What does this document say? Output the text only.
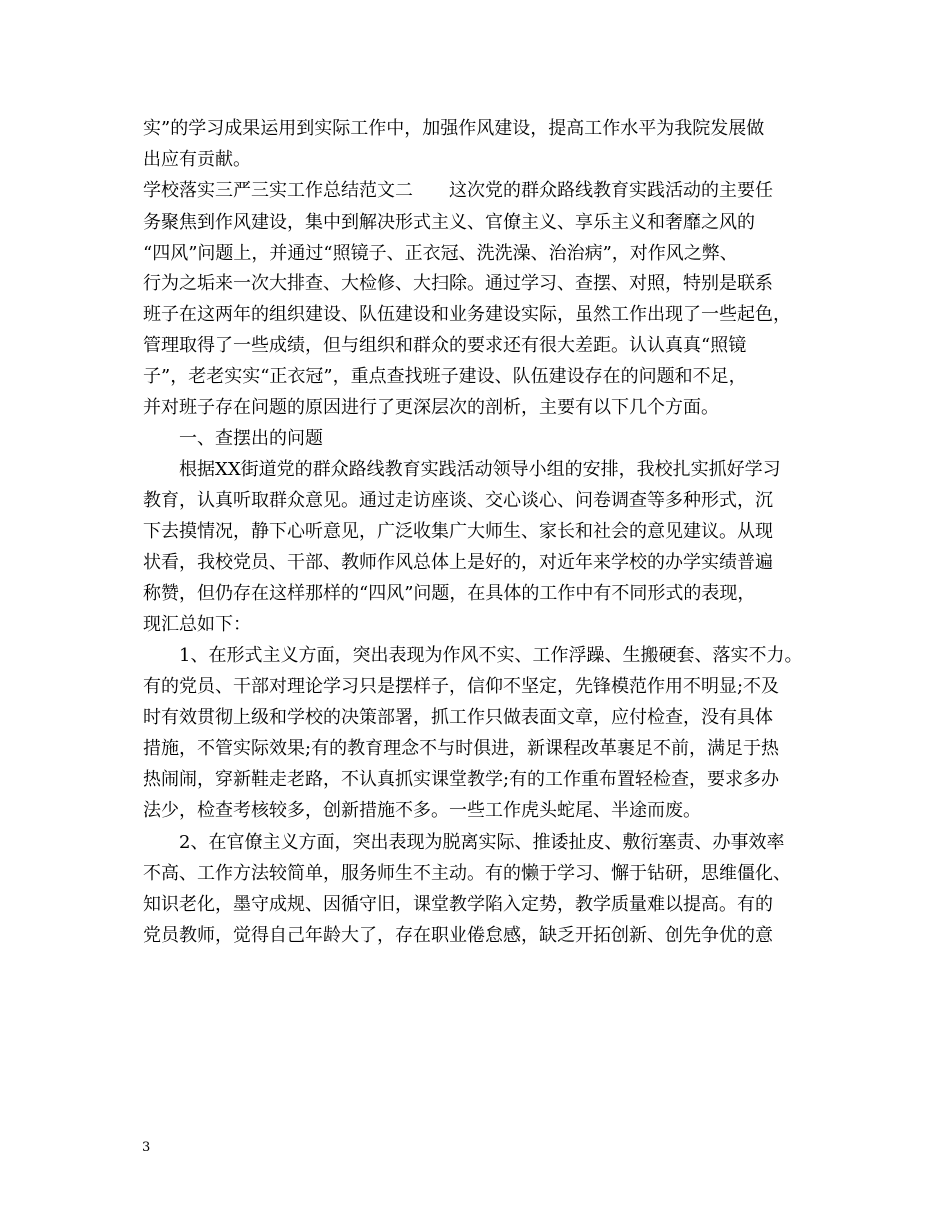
实”的学习成果运用到实际工作中，加强作风建设，提高工作水平为我院发展做
出应有贡献。
学校落实三严三实工作总结范文二　　这次党的群众路线教育实践活动的主要任
务聚焦到作风建设，集中到解决形式主义、官僚主义、享乐主义和奢靡之风的
“四风”问题上，并通过“照镜子、正衣冠、洗洗澡、治治病”，对作风之弊、
行为之垢来一次大排查、大检修、大扫除。通过学习、查摆、对照，特别是联系
班子在这两年的组织建设、队伍建设和业务建设实际，虽然工作出现了一些起色，
管理取得了一些成绩，但与组织和群众的要求还有很大差距。认认真真“照镜
子”，老老实实“正衣冠”，重点查找班子建设、队伍建设存在的问题和不足，
并对班子存在问题的原因进行了更深层次的剖析，主要有以下几个方面。
　　一、查摆出的问题
　　根据XX街道党的群众路线教育实践活动领导小组的安排，我校扎实抓好学习
教育，认真听取群众意见。通过走访座谈、交心谈心、问卷调查等多种形式，沉
下去摸情况，静下心听意见，广泛收集广大师生、家长和社会的意见建议。从现
状看，我校党员、干部、教师作风总体上是好的，对近年来学校的办学实绩普遍
称赞，但仍存在这样那样的“四风”问题，在具体的工作中有不同形式的表现，
现汇总如下：
　　1、在形式主义方面，突出表现为作风不实、工作浮躁、生搬硬套、落实不力。
有的党员、干部对理论学习只是摆样子，信仰不坚定，先锋模范作用不明显;不及
时有效贯彻上级和学校的决策部署，抓工作只做表面文章，应付检查，没有具体
措施，不管实际效果;有的教育理念不与时俱进，新课程改革裹足不前，满足于热
热闹闹，穿新鞋走老路，不认真抓实课堂教学;有的工作重布置轻检查，要求多办
法少，检查考核较多，创新措施不多。一些工作虎头蛇尾、半途而废。
　　2、在官僚主义方面，突出表现为脱离实际、推诿扯皮、敷衍塞责、办事效率
不高、工作方法较简单，服务师生不主动。有的懒于学习、懈于钻研，思维僵化、
知识老化，墨守成规、因循守旧，课堂教学陷入定势，教学质量难以提高。有的
党员教师，觉得自己年龄大了，存在职业倦怠感，缺乏开拓创新、创先争优的意
3
